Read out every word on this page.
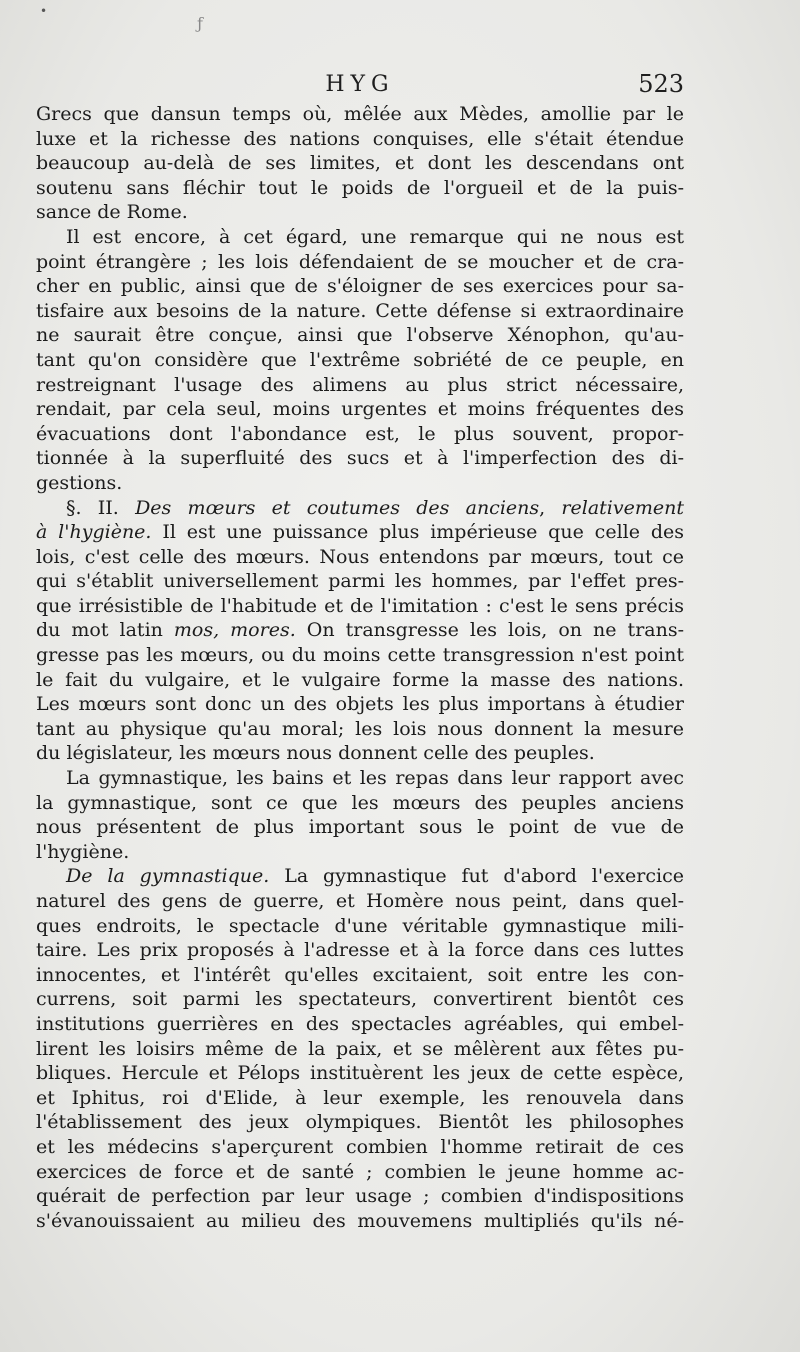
•
ƒ
HYG	523
Grecs que dansun temps où, mêlée aux Mèdes, amollie par le
luxe et la richesse des nations conquises, elle s'était étendue
beaucoup au-delà de ses limites, et dont les descendans ont
soutenu sans fléchir tout le poids de l'orgueil et de la puis-
sance de Rome.
Il est encore, à cet égard, une remarque qui ne nous est
point étrangère ; les lois défendaient de se moucher et de cra-
cher en public, ainsi que de s'éloigner de ses exercices pour sa-
tisfaire aux besoins de la nature. Cette défense si extraordinaire
ne saurait être conçue, ainsi que l'observe Xénophon, qu'au-
tant qu'on considère que l'extrême sobriété de ce peuple, en
restreignant l'usage des alimens au plus strict nécessaire,
rendait, par cela seul, moins urgentes et moins fréquentes des
évacuations dont l'abondance est, le plus souvent, propor-
tionnée à la superfluité des sucs et à l'imperfection des di-
gestions.
§. II. Des mœurs et coutumes des anciens, relativement
à l'hygiène. Il est une puissance plus impérieuse que celle des
lois, c'est celle des mœurs. Nous entendons par mœurs, tout ce
qui s'établit universellement parmi les hommes, par l'effet pres-
que irrésistible de l'habitude et de l'imitation : c'est le sens précis
du mot latin mos, mores. On transgresse les lois, on ne trans-
gresse pas les mœurs, ou du moins cette transgression n'est point
le fait du vulgaire, et le vulgaire forme la masse des nations.
Les mœurs sont donc un des objets les plus importans à étudier
tant au physique qu'au moral; les lois nous donnent la mesure
du législateur, les mœurs nous donnent celle des peuples.
La gymnastique, les bains et les repas dans leur rapport avec
la gymnastique, sont ce que les mœurs des peuples anciens
nous présentent de plus important sous le point de vue de
l'hygiène.
De la gymnastique. La gymnastique fut d'abord l'exercice
naturel des gens de guerre, et Homère nous peint, dans quel-
ques endroits, le spectacle d'une véritable gymnastique mili-
taire. Les prix proposés à l'adresse et à la force dans ces luttes
innocentes, et l'intérêt qu'elles excitaient, soit entre les con-
currens, soit parmi les spectateurs, convertirent bientôt ces
institutions guerrières en des spectacles agréables, qui embel-
lirent les loisirs même de la paix, et se mêlèrent aux fêtes pu-
bliques. Hercule et Pélops instituèrent les jeux de cette espèce,
et Iphitus, roi d'Elide, à leur exemple, les renouvela dans
l'établissement des jeux olympiques. Bientôt les philosophes
et les médecins s'aperçurent combien l'homme retirait de ces
exercices de force et de santé ; combien le jeune homme ac-
quérait de perfection par leur usage ; combien d'indispositions
s'évanouissaient au milieu des mouvemens multipliés qu'ils né-
